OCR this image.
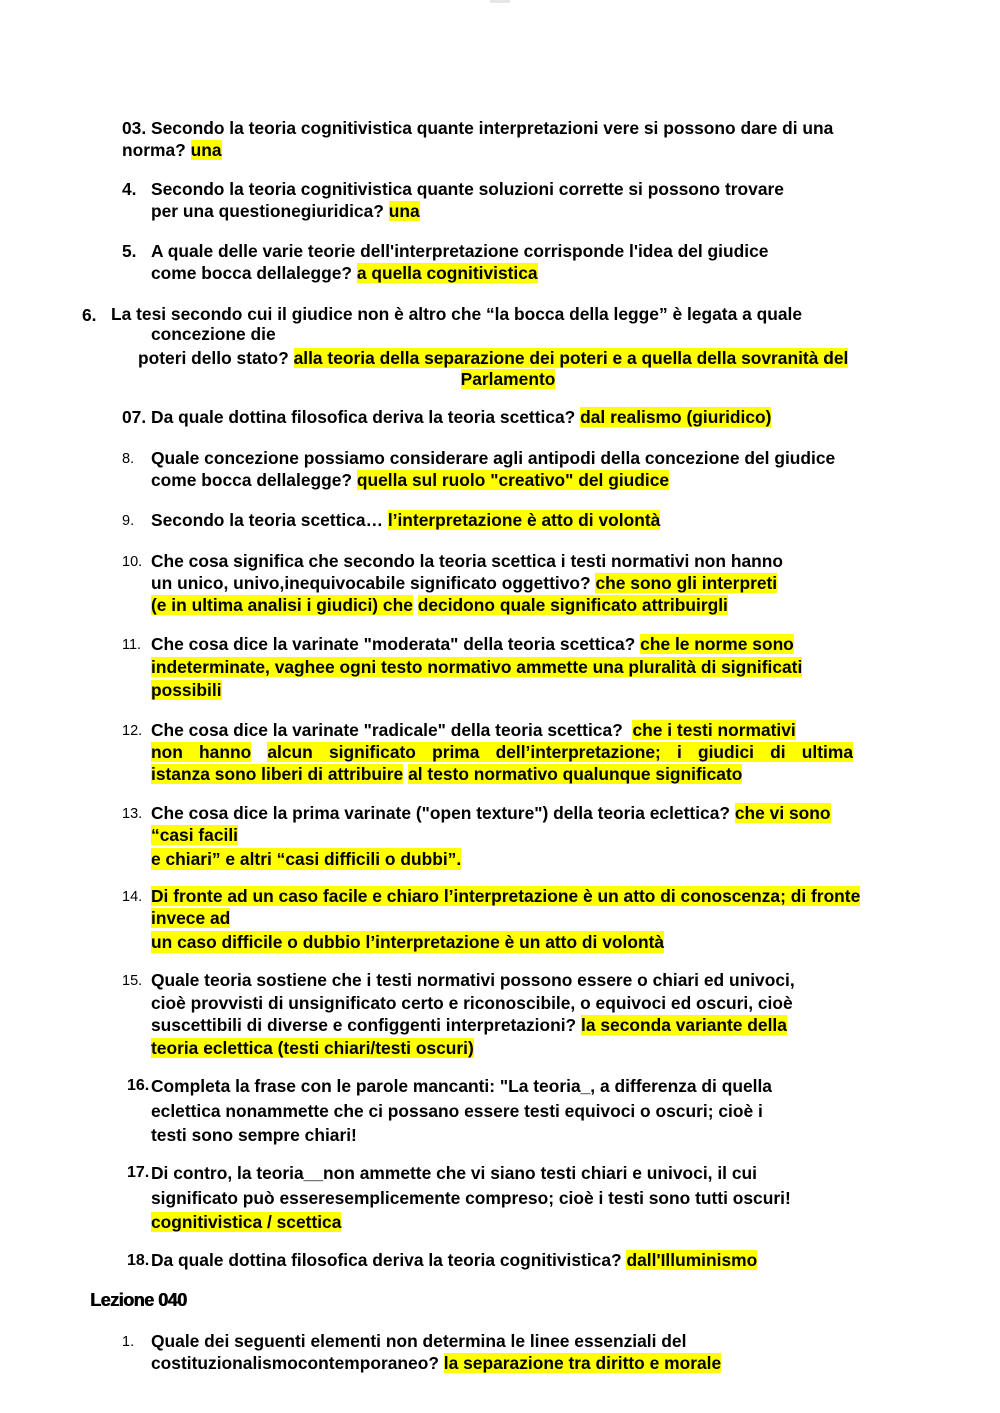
03. Secondo la teoria cognitivistica quante interpretazioni vere si possono dare di una
norma? una
4. Secondo la teoria cognitivistica quante soluzioni corrette si possono trovare
per una questionegiuridica? una
5. A quale delle varie teorie dell'interpretazione corrisponde l'idea del giudice
come bocca dellalegge? a quella cognitivistica
6. La tesi secondo cui il giudice non è altro che “la bocca della legge” è legata a quale
concezione die
poteri dello stato? alla teoria della separazione dei poteri e a quella della sovranità del
Parlamento
07. Da quale dottina filosofica deriva la teoria scettica? dal realismo (giuridico)
8. Quale concezione possiamo considerare agli antipodi della concezione del giudice
come bocca dellalegge? quella sul ruolo "creativo" del giudice
9. Secondo la teoria scettica… l’interpretazione è atto di volontà
10. Che cosa significa che secondo la teoria scettica i testi normativi non hanno
un unico, univo,inequivocabile significato oggettivo? che sono gli interpreti
(e in ultima analisi i giudici) che decidono quale significato attribuirgli
11. Che cosa dice la varinate "moderata" della teoria scettica? che le norme sono
indeterminate, vaghee ogni testo normativo ammette una pluralità di significati
possibili
12. Che cosa dice la varinate "radicale" della teoria scettica? che i testi normativi
non hanno alcun significato prima dell’interpretazione; i giudici di ultima
istanza sono liberi di attribuire al testo normativo qualunque significato
13. Che cosa dice la prima varinate ("open texture") della teoria eclettica? che vi sono
“casi facili
e chiari” e altri “casi difficili o dubbi”.
14. Di fronte ad un caso facile e chiaro l’interpretazione è un atto di conoscenza; di fronte
invece ad
un caso difficile o dubbio l’interpretazione è un atto di volontà
15. Quale teoria sostiene che i testi normativi possono essere o chiari ed univoci,
cioè provvisti di unsignificato certo e riconoscibile, o equivoci ed oscuri, cioè
suscettibili di diverse e configgenti interpretazioni? la seconda variante della
teoria eclettica (testi chiari/testi oscuri)
16. Completa la frase con le parole mancanti: "La teoria_, a differenza di quella
eclettica nonammette che ci possano essere testi equivoci o oscuri; cioè i
testi sono sempre chiari!
17. Di contro, la teoria__non ammette che vi siano testi chiari e univoci, il cui
significato può esseresemplicemente compreso; cioè i testi sono tutti oscuri!
cognitivistica / scettica
18. Da quale dottina filosofica deriva la teoria cognitivistica? dall'Illuminismo
Lezione 040
1. Quale dei seguenti elementi non determina le linee essenziali del
costituzionalismocontemporaneo? la separazione tra diritto e morale
